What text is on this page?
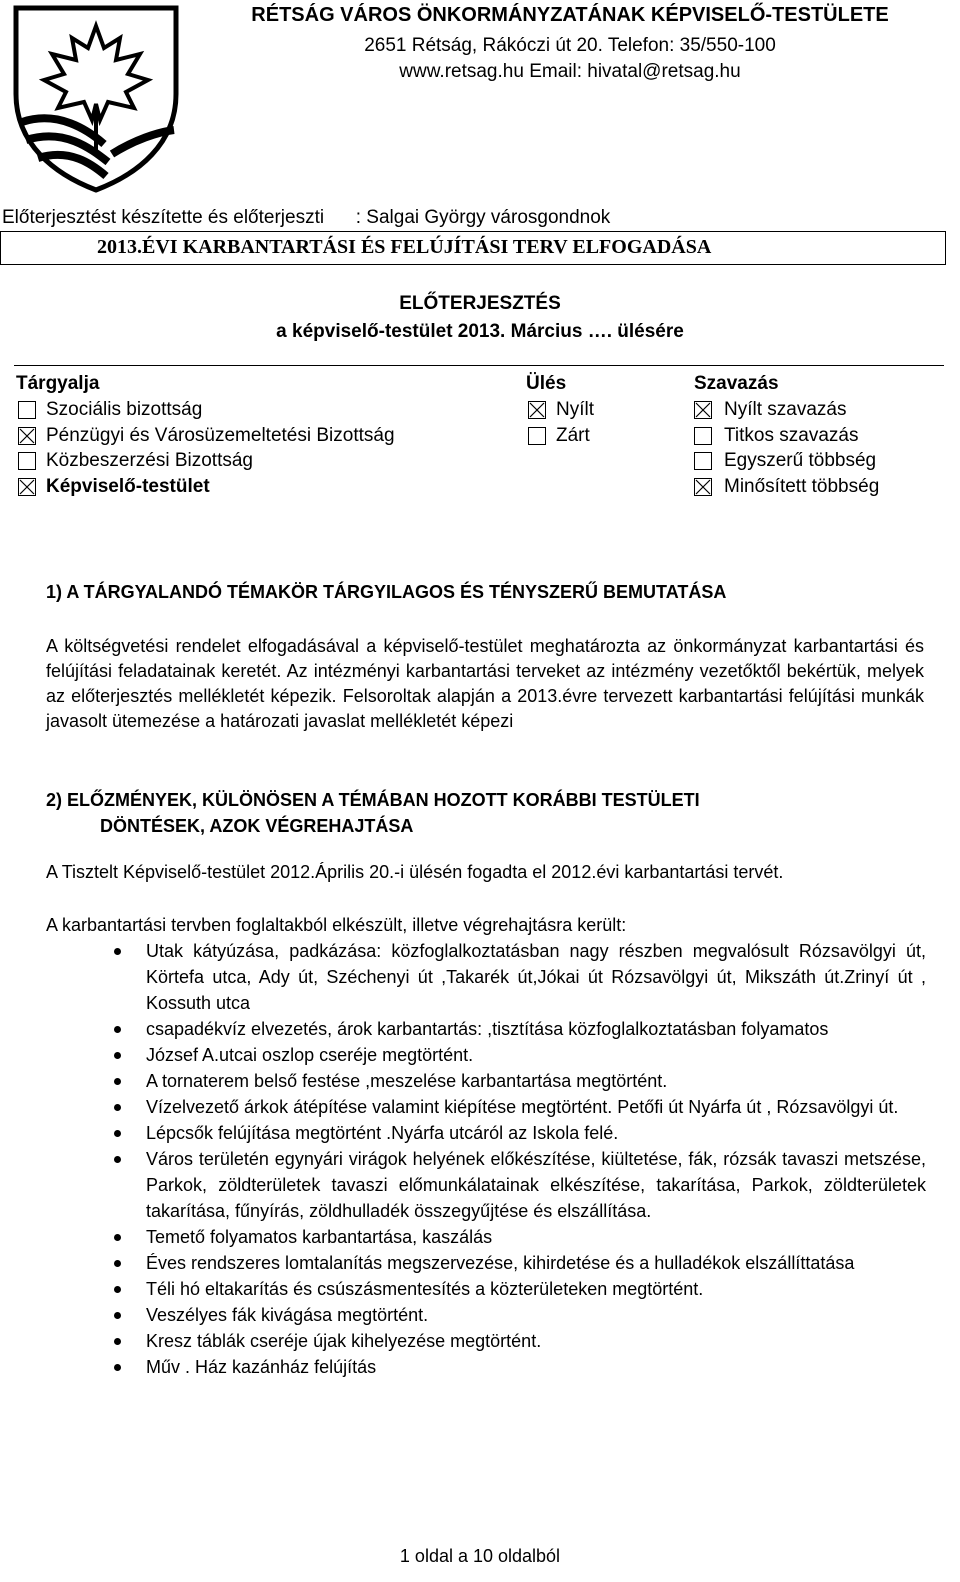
RÉTSÁG VÁROS ÖNKORMÁNYZATÁNAK KÉPVISELŐ-TESTÜLETE
2651 Rétság, Rákóczi út 20. Telefon: 35/550-100
www.retsag.hu Email: hivatal@retsag.hu
Előterjesztést készítette és előterjeszti      : Salgai György városgondnok
2013.ÉVI KARBANTARTÁSI ÉS FELÚJÍTÁSI TERV ELFOGADÁSA
ELŐTERJESZTÉS
a képviselő-testület 2013. Március …. ülésére
Tárgyalja	Ülés	Szavazás
Szociális bizottság
Pénzügyi és Városüzemeltetési Bizottság
Közbeszerzési Bizottság
Képviselő-testület
Nyílt
Zárt
Nyílt szavazás
Titkos szavazás
Egyszerű többség
Minősített többség
1) A TÁRGYALANDÓ TÉMAKÖR TÁRGYILAGOS ÉS TÉNYSZERŰ BEMUTATÁSA
A költségvetési rendelet elfogadásával a képviselő-testület meghatározta az önkormányzat karbantartási és felújítási feladatainak keretét. Az intézményi karbantartási terveket az intézmény vezetőktől bekértük, melyek az előterjesztés mellékletét képezik. Felsoroltak alapján a 2013.évre tervezett karbantartási felújítási munkák javasolt ütemezése a határozati javaslat mellékletét képezi
2) ELŐZMÉNYEK, KÜLÖNÖSEN A TÉMÁBAN HOZOTT KORÁBBI TESTÜLETI
DÖNTÉSEK, AZOK VÉGREHAJTÁSA
A Tisztelt Képviselő-testület 2012.Április 20.-i ülésén fogadta el 2012.évi karbantartási tervét.
A karbantartási tervben foglaltakból elkészült, illetve végrehajtásra került:
Utak kátyúzása, padkázása: közfoglalkoztatásban nagy részben megvalósult Rózsavölgyi út, Körtefa utca, Ady út, Széchenyi út ,Takarék út,Jókai út Rózsavölgyi út, Mikszáth út.Zrinyí út , Kossuth utca
csapadékvíz elvezetés, árok karbantartás: ,tisztítása közfoglalkoztatásban folyamatos
József A.utcai oszlop cseréje megtörtént.
A tornaterem belső festése ,meszelése karbantartása megtörtént.
Vízelvezető árkok átépítése valamint kiépítése megtörtént. Petőfi út Nyárfa út , Rózsavölgyi út.
Lépcsők felújítása megtörtént .Nyárfa utcáról az Iskola felé.
Város területén egynyári virágok helyének előkészítése, kiültetése, fák, rózsák tavaszi metszése, Parkok, zöldterületek tavaszi előmunkálatainak elkészítése, takarítása, Parkok, zöldterületek takarítása, fűnyírás, zöldhulladék összegyűjtése és elszállítása.
Temető folyamatos karbantartása, kaszálás
Éves rendszeres lomtalanítás megszervezése, kihirdetése és a hulladékok elszállíttatása
Téli hó eltakarítás és csúszásmentesítés a közterületeken megtörtént.
Veszélyes fák kivágása megtörtént.
Kresz táblák cseréje újak kihelyezése megtörtént.
Műv . Ház kazánház felújítás
1 oldal a 10 oldalból
